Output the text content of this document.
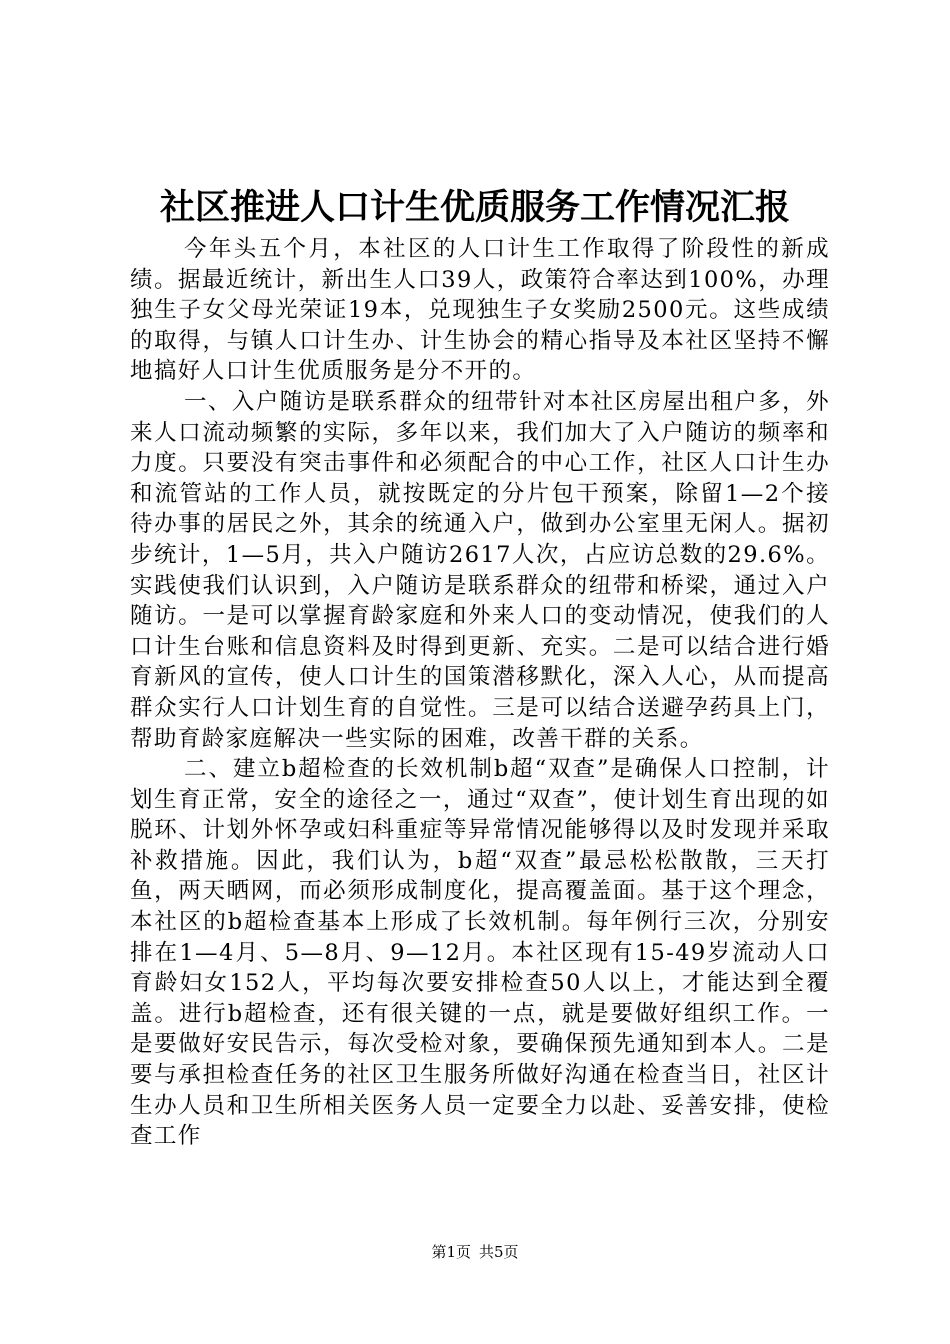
社区推进人口计生优质服务工作情况汇报

今年头五个月，本社区的人口计生工作取得了阶段性的新成绩。据最近统计，新出生人口39人，政策符合率达到100%，办理独生子女父母光荣证19本，兑现独生子女奖励2500元。这些成绩的取得，与镇人口计生办、计生协会的精心指导及本社区坚持不懈地搞好人口计生优质服务是分不开的。

一、入户随访是联系群众的纽带针对本社区房屋出租户多，外来人口流动频繁的实际，多年以来，我们加大了入户随访的频率和力度。只要没有突击事件和必须配合的中心工作，社区人口计生办和流管站的工作人员，就按既定的分片包干预案，除留1—2个接待办事的居民之外，其余的统通入户，做到办公室里无闲人。据初步统计，1—5月，共入户随访2617人次，占应访总数的29.6%。实践使我们认识到，入户随访是联系群众的纽带和桥梁，通过入户随访。一是可以掌握育龄家庭和外来人口的变动情况，使我们的人口计生台账和信息资料及时得到更新、充实。二是可以结合进行婚育新风的宣传，使人口计生的国策潜移默化，深入人心，从而提高群众实行人口计划生育的自觉性。三是可以结合送避孕药具上门，帮助育龄家庭解决一些实际的困难，改善干群的关系。

二、建立b超检查的长效机制b超“双查”是确保人口控制，计划生育正常，安全的途径之一，通过“双查”，使计划生育出现的如脱环、计划外怀孕或妇科重症等异常情况能够得以及时发现并采取补救措施。因此，我们认为，b超“双查”最忌松松散散，三天打鱼，两天晒网，而必须形成制度化，提高覆盖面。基于这个理念，本社区的b超检查基本上形成了长效机制。每年例行三次，分别安排在1—4月、5—8月、9—12月。本社区现有15-49岁流动人口育龄妇女152人，平均每次要安排检查50人以上，才能达到全覆盖。进行b超检查，还有很关键的一点，就是要做好组织工作。一是要做好安民告示，每次受检对象，要确保预先通知到本人。二是要与承担检查任务的社区卫生服务所做好沟通在检查当日，社区计生办人员和卫生所相关医务人员一定要全力以赴、妥善安排，使检查工作

第1页 共5页
